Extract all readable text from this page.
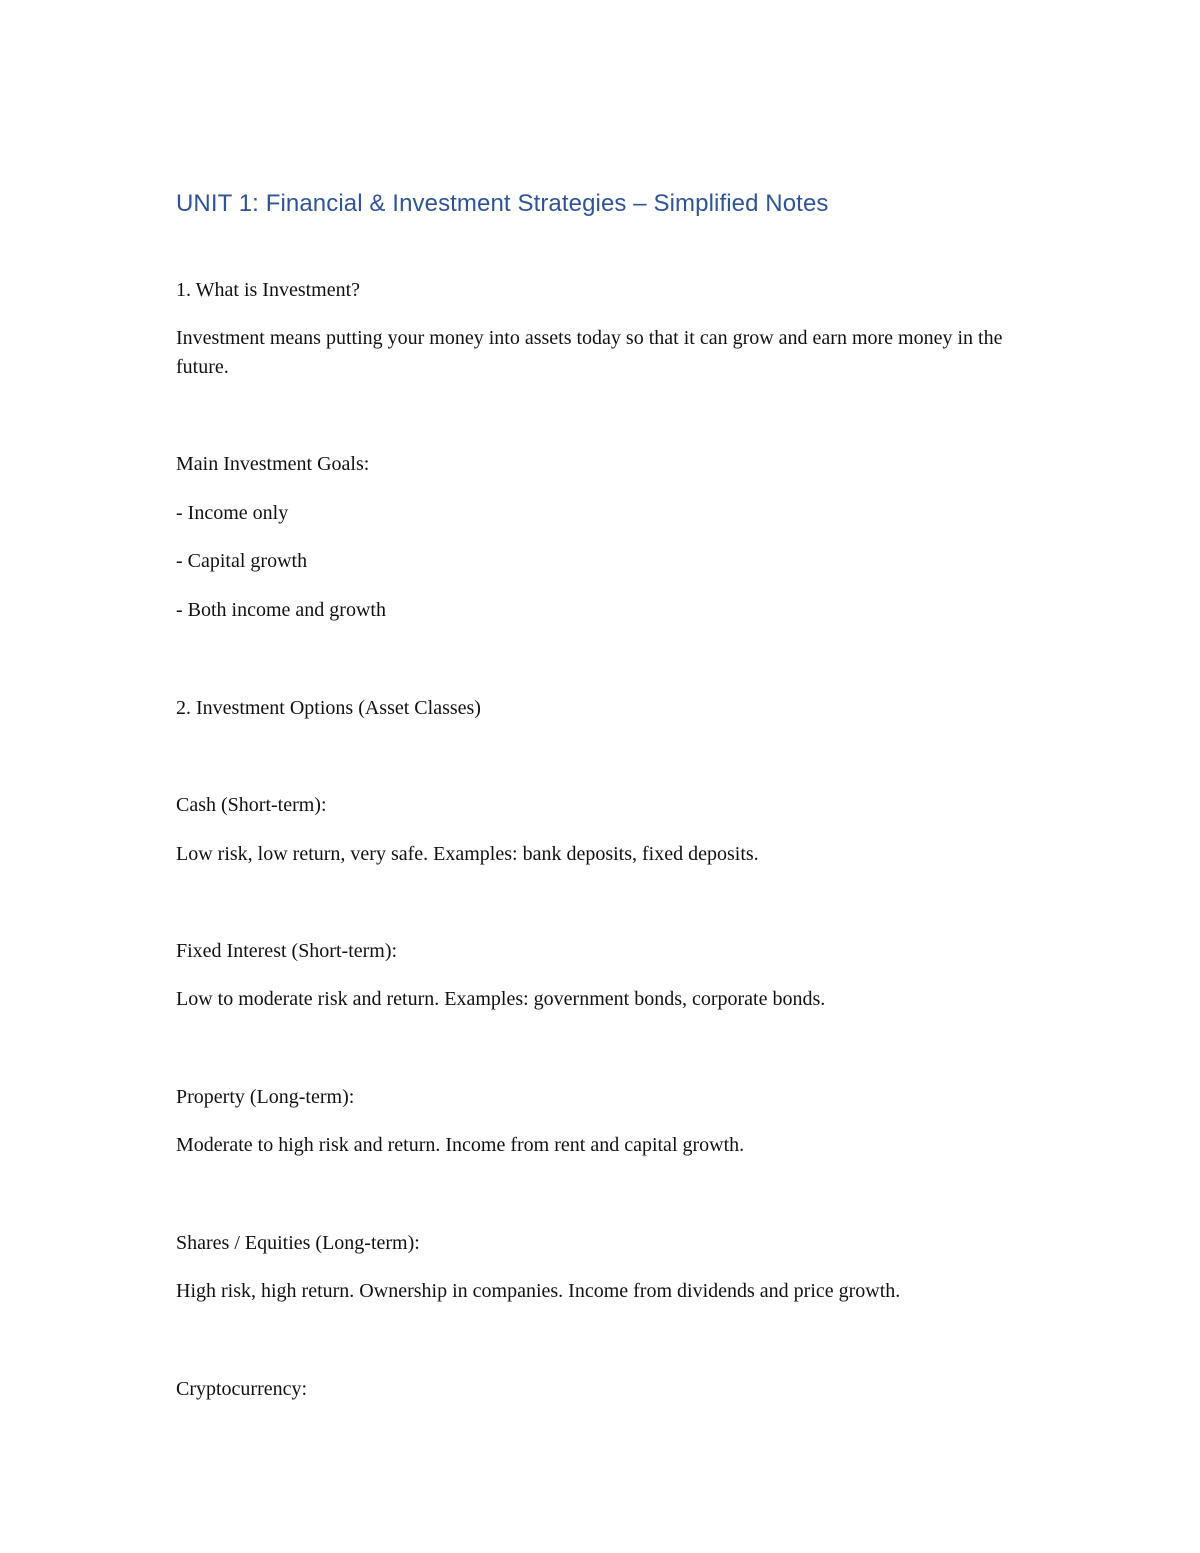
UNIT 1: Financial & Investment Strategies – Simplified Notes

1. What is Investment?

Investment means putting your money into assets today so that it can grow and earn more money in the future.

Main Investment Goals:

- Income only

- Capital growth

- Both income and growth

2. Investment Options (Asset Classes)

Cash (Short-term):

Low risk, low return, very safe. Examples: bank deposits, fixed deposits.

Fixed Interest (Short-term):

Low to moderate risk and return. Examples: government bonds, corporate bonds.

Property (Long-term):

Moderate to high risk and return. Income from rent and capital growth.

Shares / Equities (Long-term):

High risk, high return. Ownership in companies. Income from dividends and price growth.

Cryptocurrency:
